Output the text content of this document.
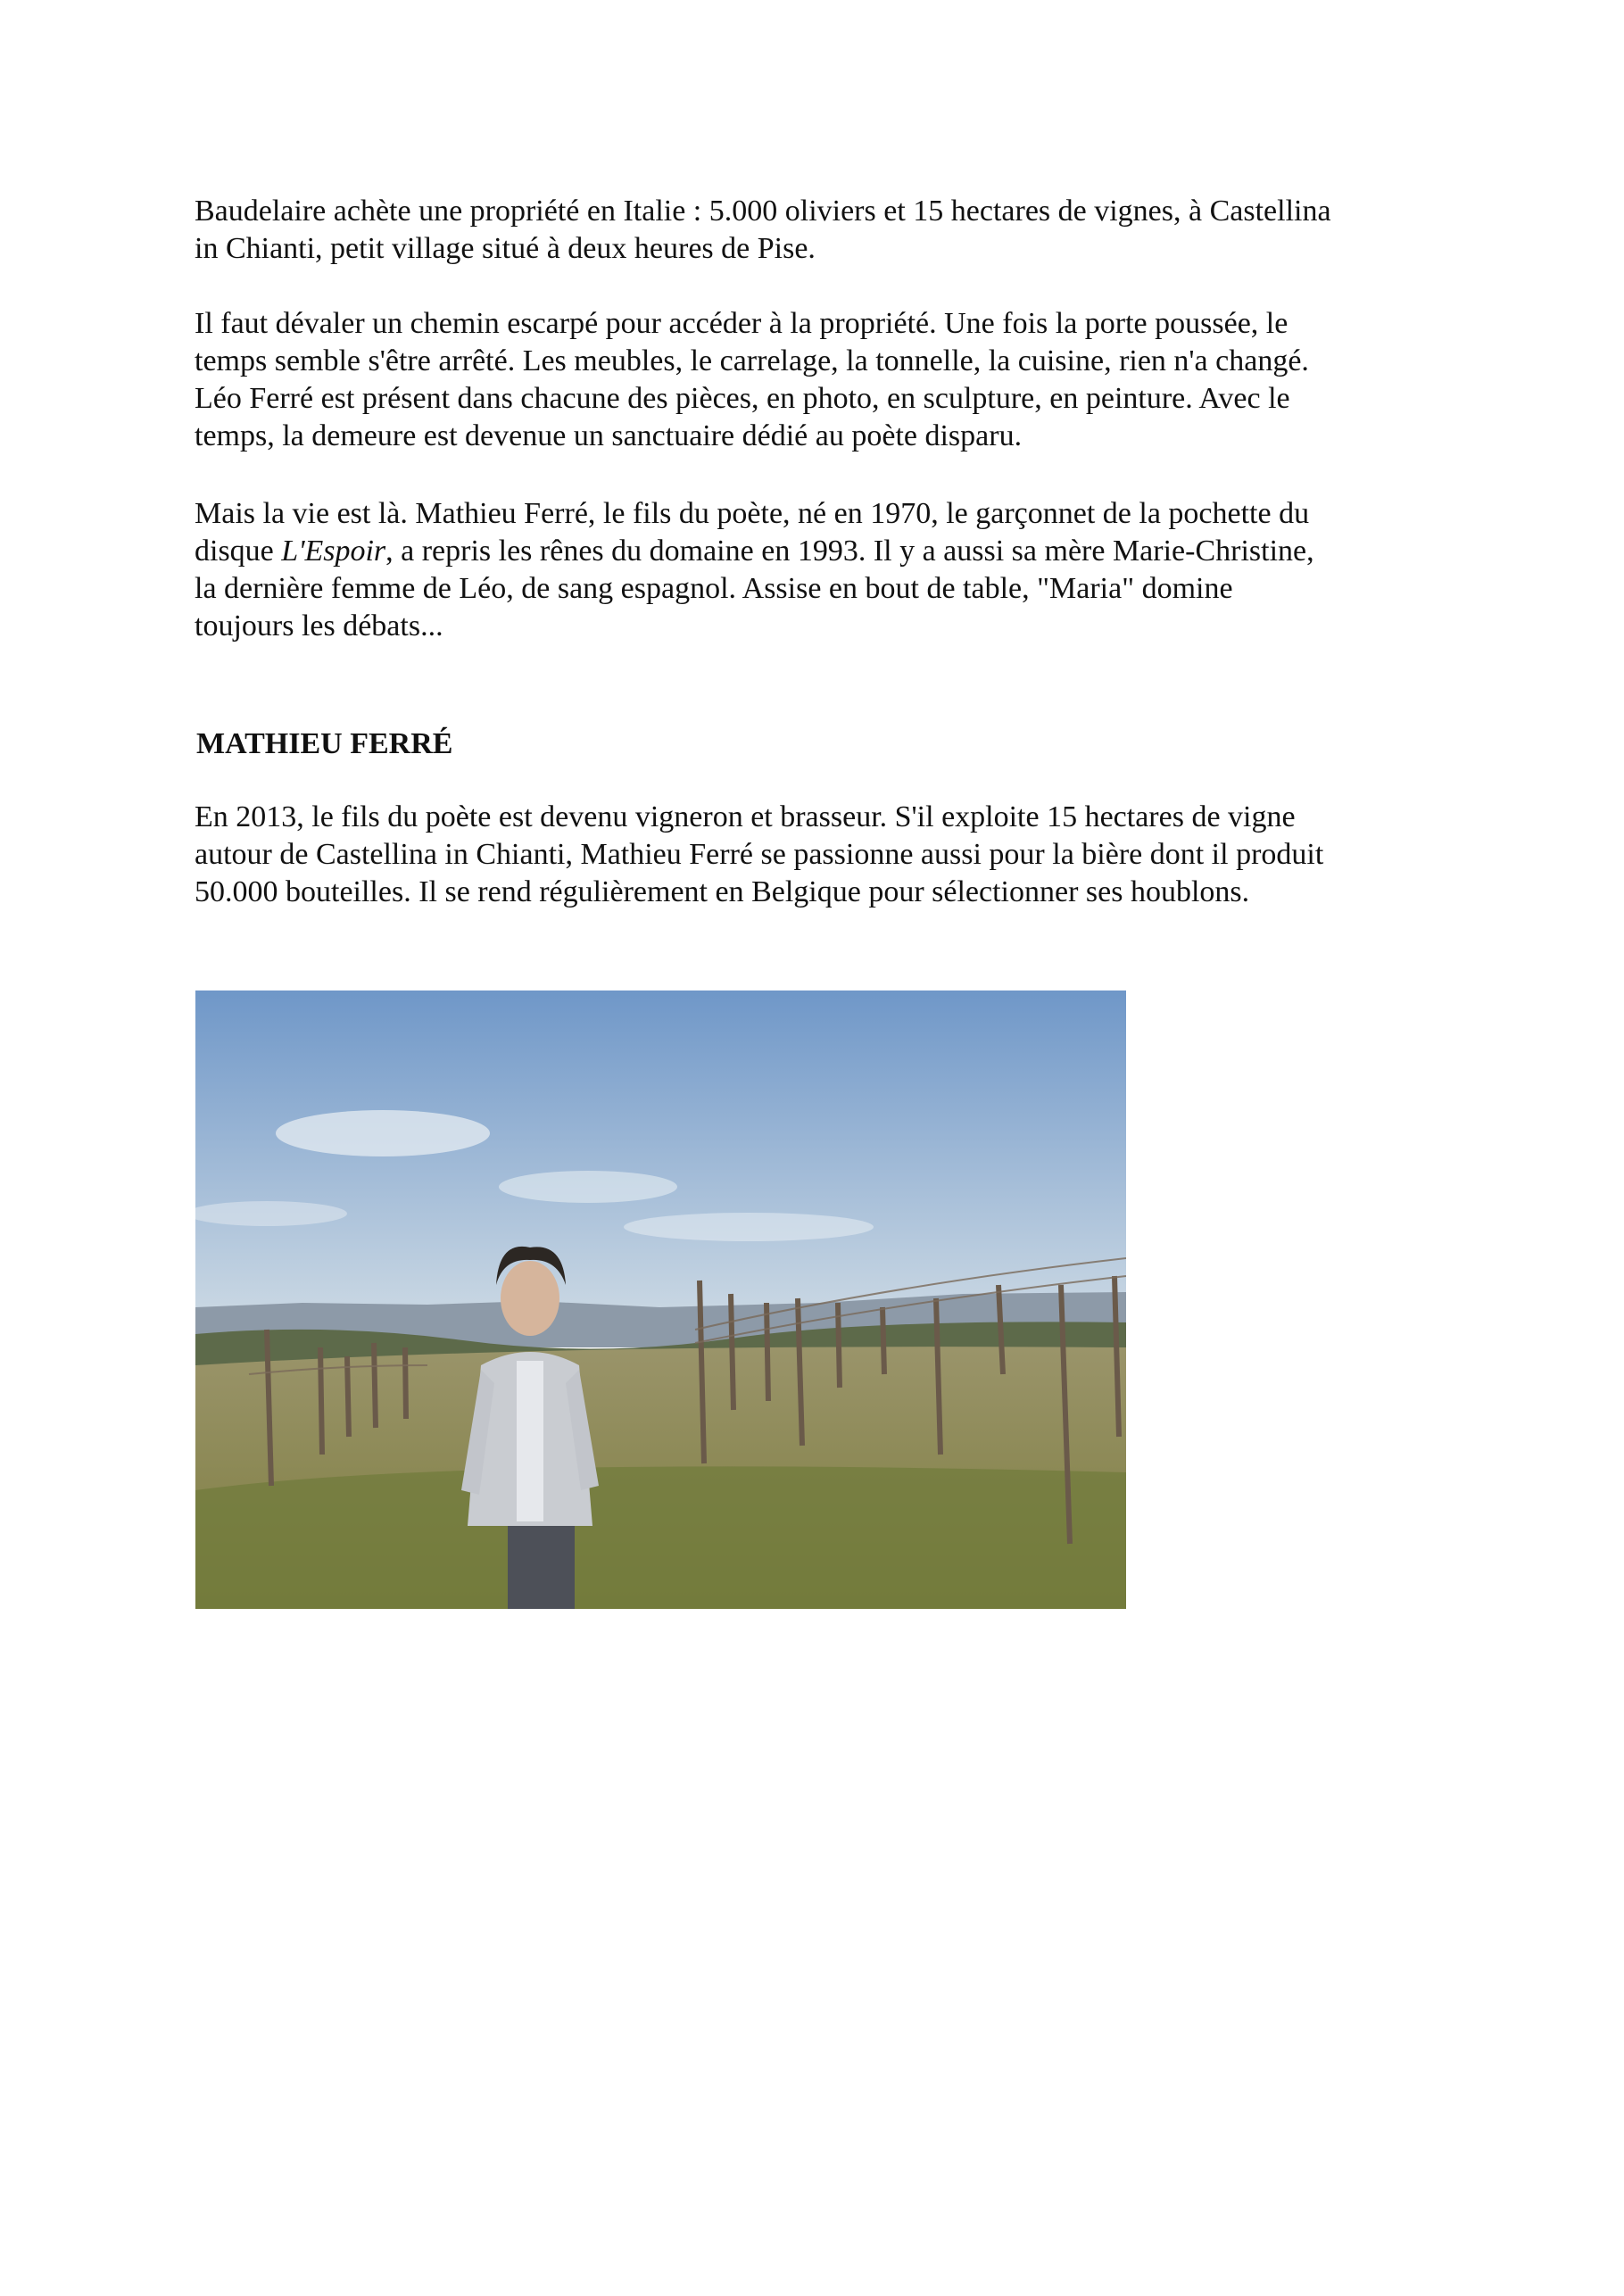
Baudelaire achète une propriété en Italie : 5.000 oliviers et 15 hectares de vignes, à Castellina
in Chianti, petit village situé à deux heures de Pise.

Il faut dévaler un chemin escarpé pour accéder à la propriété. Une fois la porte poussée, le
temps semble s'être arrêté. Les meubles, le carrelage, la tonnelle, la cuisine, rien n'a changé.
Léo Ferré est présent dans chacune des pièces, en photo, en sculpture, en peinture. Avec le
temps, la demeure est devenue un sanctuaire dédié au poète disparu.

Mais la vie est là. Mathieu Ferré, le fils du poète, né en 1970, le garçonnet de la pochette du
disque L'Espoir, a repris les rênes du domaine en 1993. Il y a aussi sa mère Marie-Christine,
la dernière femme de Léo, de sang espagnol. Assise en bout de table, "Maria" domine
toujours les débats...

MATHIEU FERRÉ

En 2013, le fils du poète est devenu vigneron et brasseur. S'il exploite 15 hectares de vigne
autour de Castellina in Chianti, Mathieu Ferré se passionne aussi pour la bière dont il produit
50.000 bouteilles. Il se rend régulièrement en Belgique pour sélectionner ses houblons.
